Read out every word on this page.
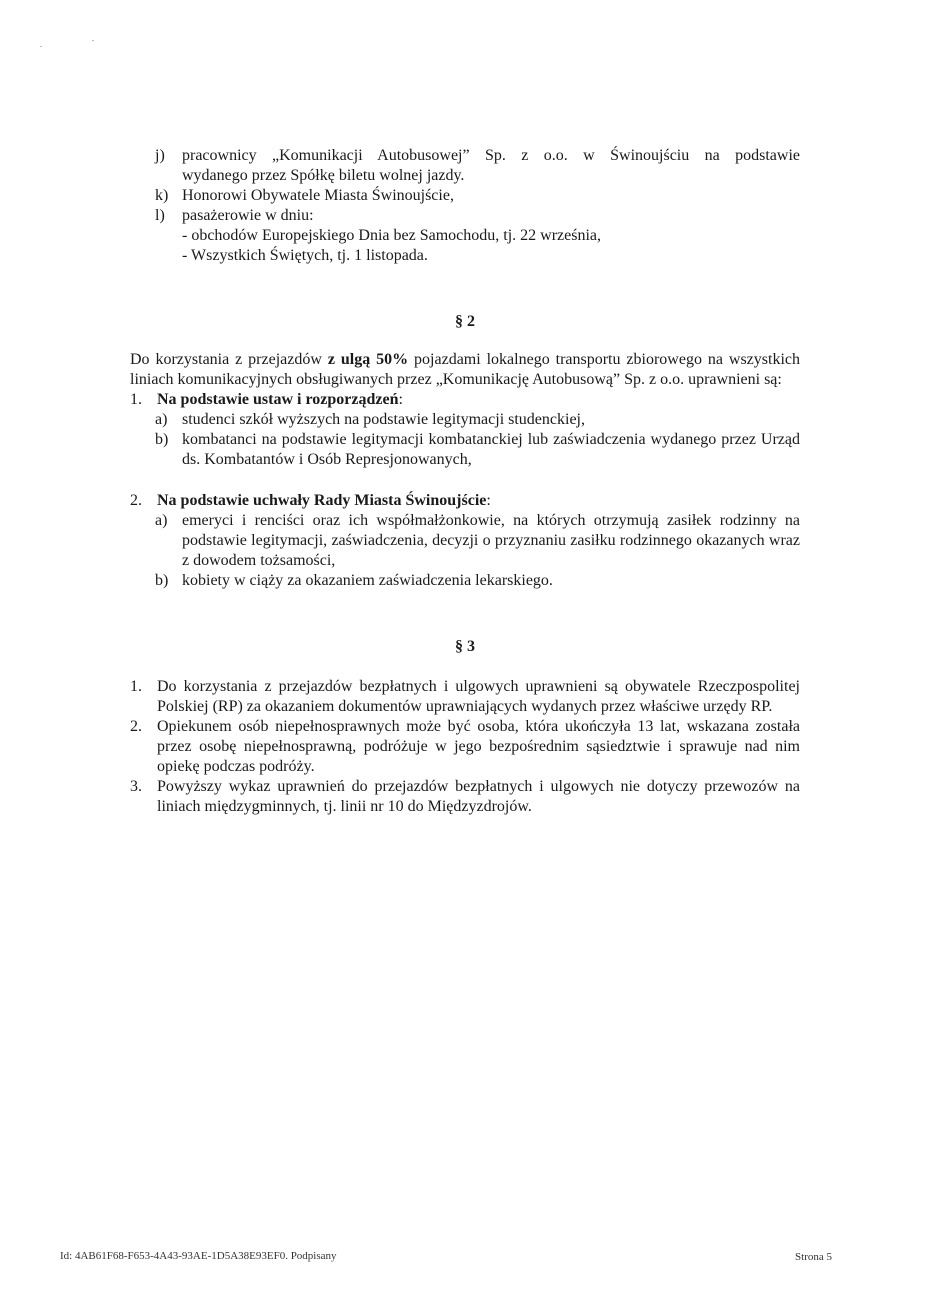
j)	pracownicy „Komunikacji Autobusowej” Sp. z o.o. w Świnoujściu na podstawie
wydanego przez Spółkę biletu wolnej jazdy.
k) Honorowi Obywatele Miasta Świnoujście,
l)	pasażerowie w dniu:
- obchodów Europejskiego Dnia bez Samochodu, tj. 22 września,
- Wszystkich Świętych, tj. 1 listopada.
§ 2
Do korzystania z przejazdów z ulgą 50% pojazdami lokalnego transportu zbiorowego na wszystkich liniach komunikacyjnych obsługiwanych przez „Komunikację Autobusową” Sp. z o.o. uprawnieni są:
1. Na podstawie ustaw i rozporządzeń:
a) studenci szkół wyższych na podstawie legitymacji studenckiej,
b) kombatanci na podstawie legitymacji kombatanckiej lub zaświadczenia wydanego przez Urząd ds. Kombatantów i Osób Represjonowanych,
2. Na podstawie uchwały Rady Miasta Świnoujście:
a) emeryci i renciści oraz ich współmałżonkowie, na których otrzymują zasiłek rodzinny na podstawie legitymacji, zaświadczenia, decyzji o przyznaniu zasiłku rodzinnego okazanych wraz z dowodem tożsamości,
b) kobiety w ciąży za okazaniem zaświadczenia lekarskiego.
§ 3
1. Do korzystania z przejazdów bezpłatnych i ulgowych uprawnieni są obywatele Rzeczpospolitej Polskiej (RP) za okazaniem dokumentów uprawniających wydanych przez właściwe urzędy RP.
2. Opiekunem osób niepełnosprawnych może być osoba, która ukończyła 13 lat, wskazana została przez osobę niepełnosprawną, podróżuje w jego bezpośrednim sąsiedztwie i sprawuje nad nim opiekę podczas podróży.
3. Powyższy wykaz uprawnień do przejazdów bezpłatnych i ulgowych nie dotyczy przewozów na liniach międzygminnych, tj. linii nr 10 do Międzyzdrojów.
Id: 4AB61F68-F653-4A43-93AE-1D5A38E93EF0. Podpisany	Strona 5
